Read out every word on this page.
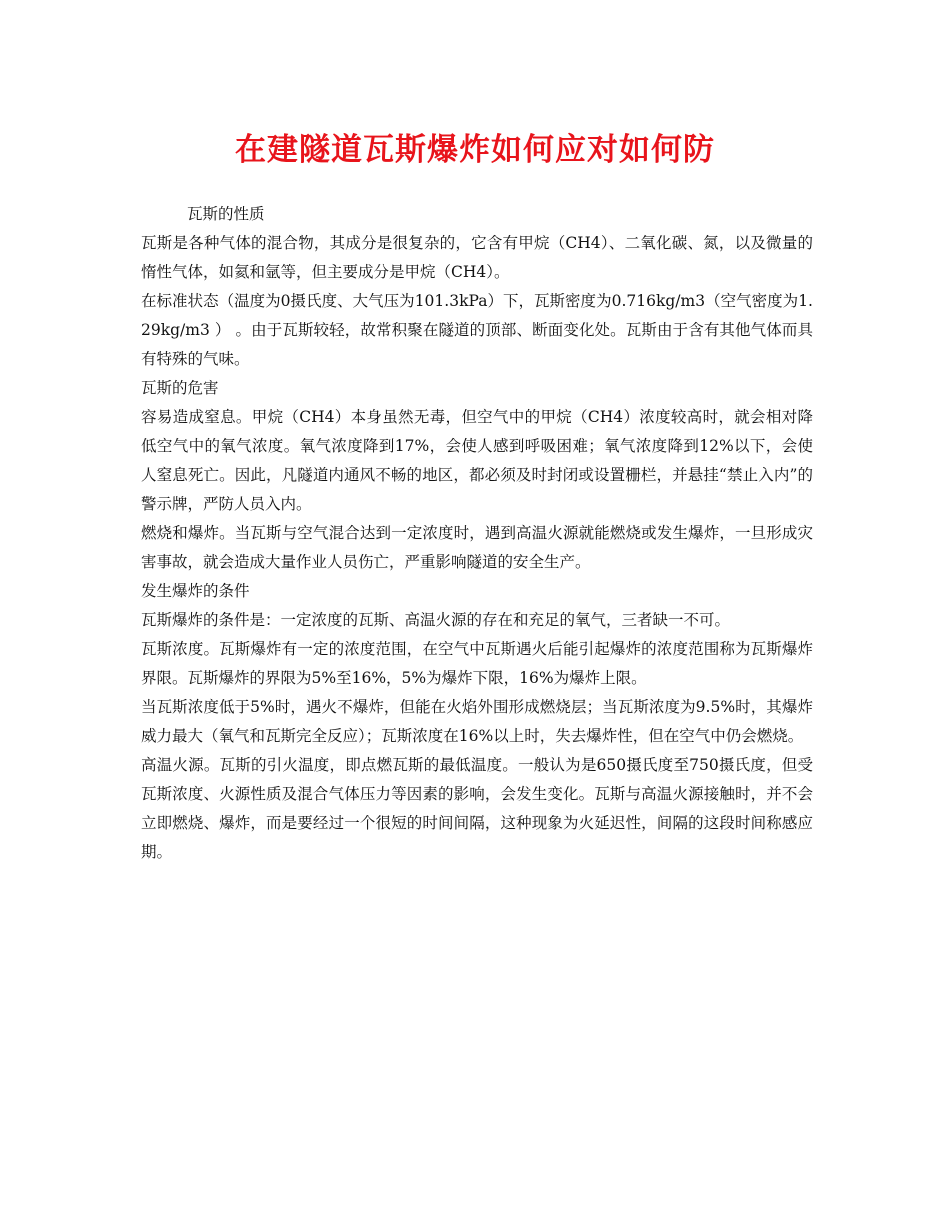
在建隧道瓦斯爆炸如何应对如何防

瓦斯的性质

瓦斯是各种气体的混合物，其成分是很复杂的，它含有甲烷（CH4）、二氧化碳、氮，以及微量的惰性气体，如氦和氩等，但主要成分是甲烷（CH4）。

在标准状态（温度为0摄氏度、大气压为101.3kPa）下，瓦斯密度为0.716kg/m3（空气密度为1.29kg/m3 ） 。由于瓦斯较轻，故常积聚在隧道的顶部、断面变化处。瓦斯由于含有其他气体而具有特殊的气味。

瓦斯的危害

容易造成窒息。甲烷（CH4）本身虽然无毒，但空气中的甲烷（CH4）浓度较高时，就会相对降低空气中的氧气浓度。氧气浓度降到17%，会使人感到呼吸困难；氧气浓度降到12%以下，会使人窒息死亡。因此，凡隧道内通风不畅的地区，都必须及时封闭或设置栅栏，并悬挂“禁止入内”的警示牌，严防人员入内。

燃烧和爆炸。当瓦斯与空气混合达到一定浓度时，遇到高温火源就能燃烧或发生爆炸，一旦形成灾害事故，就会造成大量作业人员伤亡，严重影响隧道的安全生产。

发生爆炸的条件

瓦斯爆炸的条件是：一定浓度的瓦斯、高温火源的存在和充足的氧气，三者缺一不可。

瓦斯浓度。瓦斯爆炸有一定的浓度范围，在空气中瓦斯遇火后能引起爆炸的浓度范围称为瓦斯爆炸界限。瓦斯爆炸的界限为5%至16%，5%为爆炸下限，16%为爆炸上限。

当瓦斯浓度低于5%时，遇火不爆炸，但能在火焰外围形成燃烧层；当瓦斯浓度为9.5%时，其爆炸威力最大（氧气和瓦斯完全反应）；瓦斯浓度在16%以上时，失去爆炸性，但在空气中仍会燃烧。

高温火源。瓦斯的引火温度，即点燃瓦斯的最低温度。一般认为是650摄氏度至750摄氏度，但受瓦斯浓度、火源性质及混合气体压力等因素的影响，会发生变化。瓦斯与高温火源接触时，并不会立即燃烧、爆炸，而是要经过一个很短的时间间隔，这种现象为火延迟性，间隔的这段时间称感应期。
